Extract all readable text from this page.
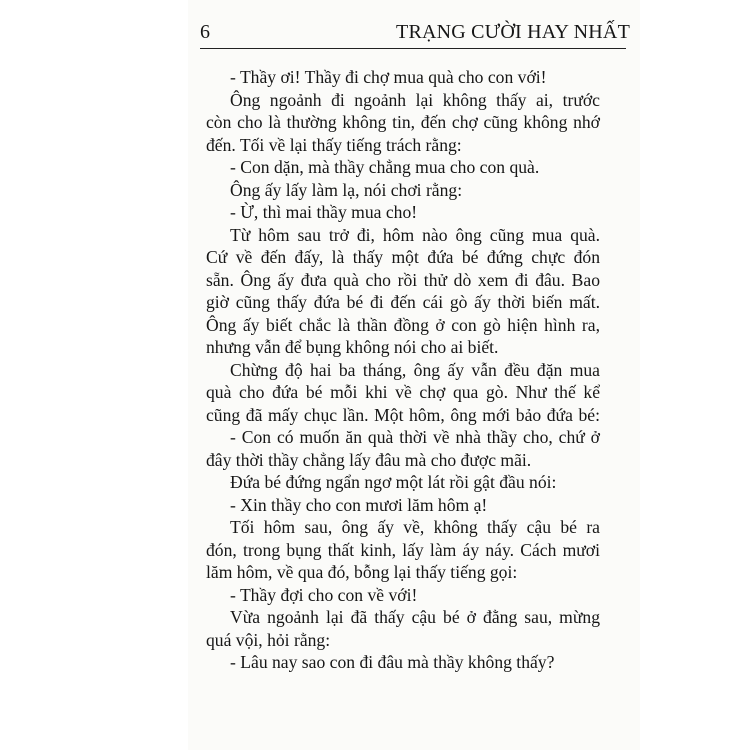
6	TRẠNG CƯỜI HAY NHẤT
- Thầy ơi! Thầy đi chợ mua quà cho con với!
Ông ngoảnh đi ngoảnh lại không thấy ai, trước
còn cho là thường không tin, đến chợ cũng không nhớ
đến. Tối về lại thấy tiếng trách rằng:
- Con dặn, mà thầy chẳng mua cho con quà.
Ông ấy lấy làm lạ, nói chơi rằng:
- Ừ, thì mai thầy mua cho!
Từ hôm sau trở đi, hôm nào ông cũng mua quà.
Cứ về đến đấy, là thấy một đứa bé đứng chực đón
sẵn. Ông ấy đưa quà cho rồi thử dò xem đi đâu. Bao
giờ cũng thấy đứa bé đi đến cái gò ấy thời biến mất.
Ông ấy biết chắc là thần đồng ở con gò hiện hình ra,
nhưng vẫn để bụng không nói cho ai biết.
Chừng độ hai ba tháng, ông ấy vẫn đều đặn mua
quà cho đứa bé mỗi khi về chợ qua gò. Như thế kể
cũng đã mấy chục lần. Một hôm, ông mới bảo đứa bé:
- Con có muốn ăn quà thời về nhà thầy cho, chứ ở
đây thời thầy chẳng lấy đâu mà cho được mãi.
Đứa bé đứng ngẩn ngơ một lát rồi gật đầu nói:
- Xin thầy cho con mươi lăm hôm ạ!
Tối hôm sau, ông ấy về, không thấy cậu bé ra
đón, trong bụng thất kinh, lấy làm áy náy. Cách mươi
lăm hôm, về qua đó, bỗng lại thấy tiếng gọi:
- Thầy đợi cho con về với!
Vừa ngoảnh lại đã thấy cậu bé ở đằng sau, mừng
quá vội, hỏi rằng:
- Lâu nay sao con đi đâu mà thầy không thấy?
